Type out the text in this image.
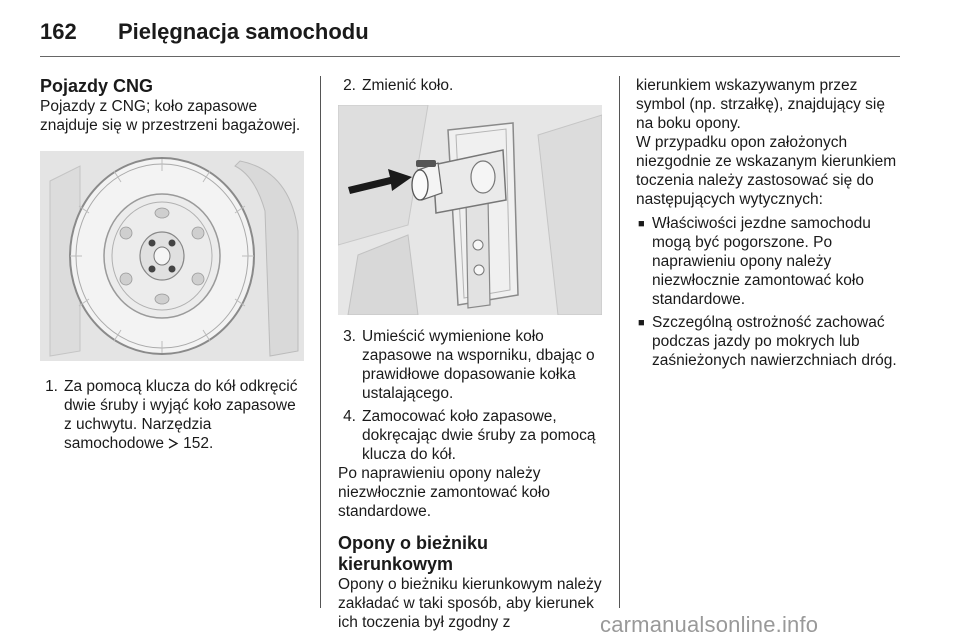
162	Pielęgnacja samochodu
Pojazdy CNG

Pojazdy z CNG; koło zapasowe znajduje się w przestrzeni bagażowej.

1. Za pomocą klucza do kół odkręcić dwie śruby i wyjąć koło zapasowe z uchwytu. Narzędzia samochodowe 152.
2. Zmienić koło.
3. Umieścić wymienione koło zapasowe na wsporniku, dbając o prawidłowe dopasowanie kołka ustalającego.
4. Zamocować koło zapasowe, dokręcając dwie śruby za pomocą klucza do kół.

Po naprawieniu opony należy niezwłocznie zamontować koło standardowe.

Opony o bieżniku kierunkowym

Opony o bieżniku kierunkowym należy zakładać w taki sposób, aby kierunek ich toczenia był zgodny z

kierunkiem wskazywanym przez symbol (np. strzałkę), znajdujący się na boku opony.

W przypadku opon założonych niezgodnie ze wskazanym kierunkiem toczenia należy zastosować się do następujących wytycznych:

■ Właściwości jezdne samochodu mogą być pogorszone. Po naprawieniu opony należy niezwłocznie zamontować koło standardowe.
■ Szczególną ostrożność zachować podczas jazdy po mokrych lub zaśnieżonych nawierzchniach dróg.
carmanualsonline.info
